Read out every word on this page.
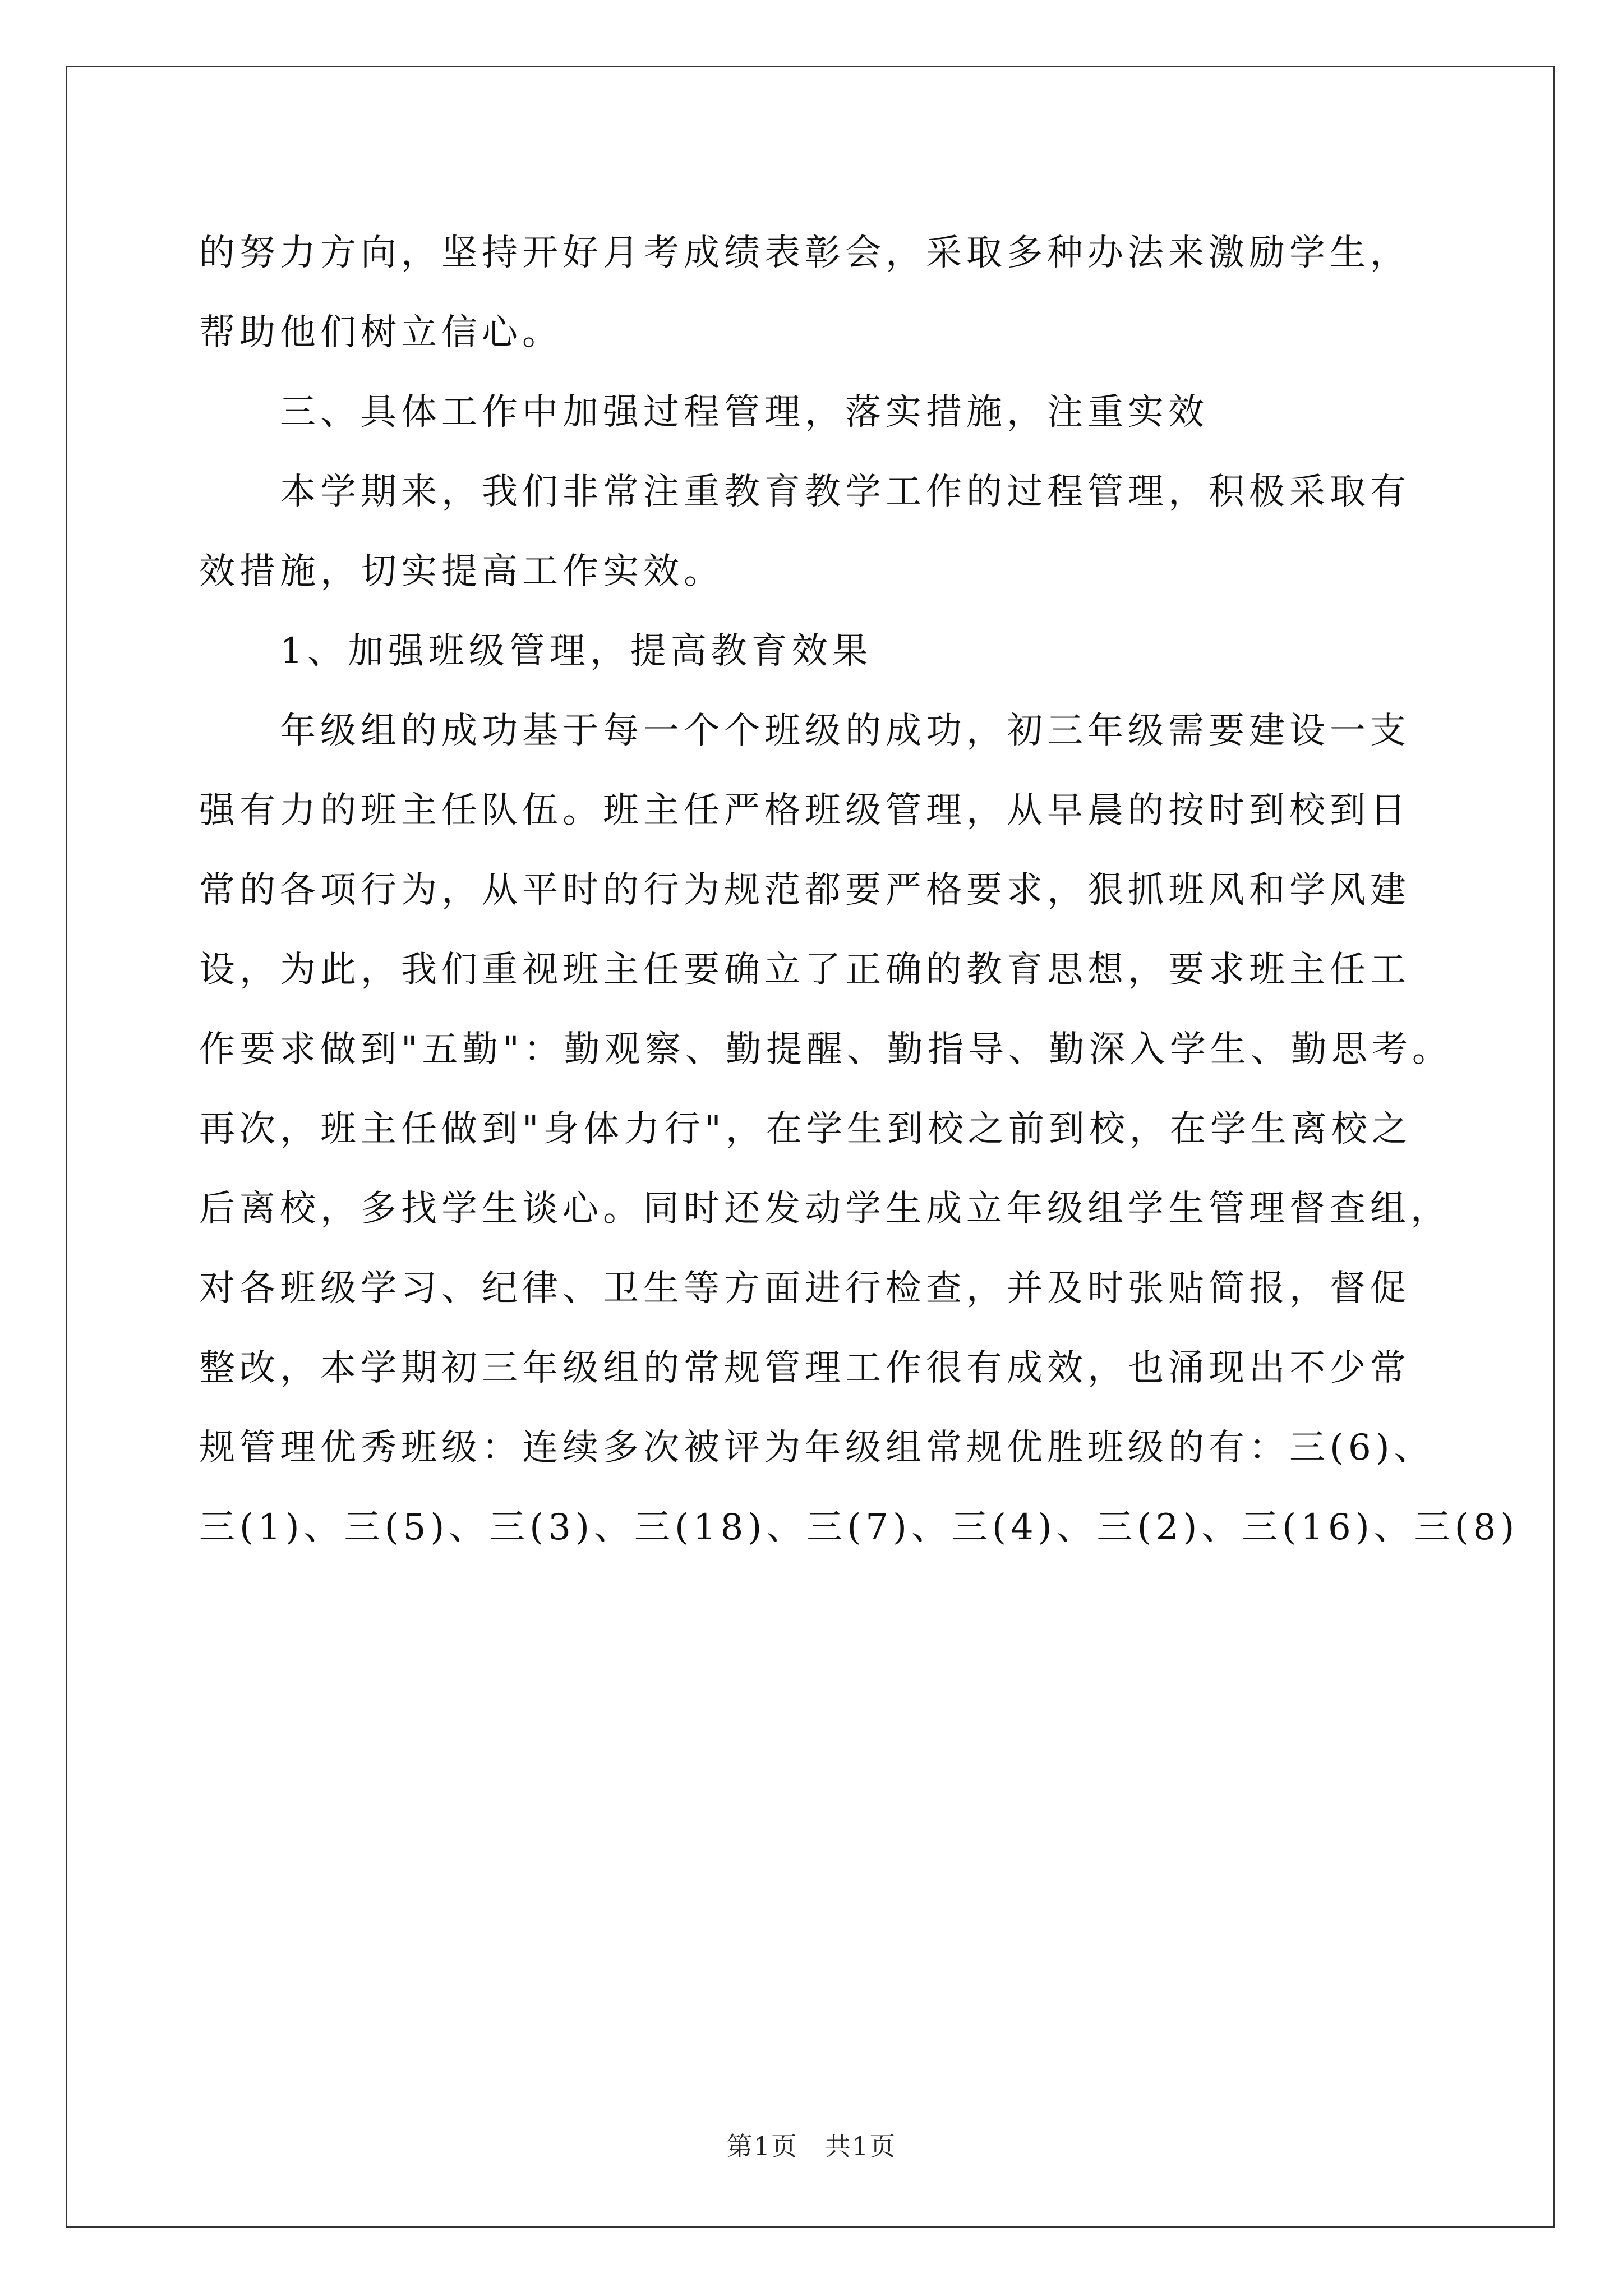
的努力方向，坚持开好月考成绩表彰会，采取多种办法来激励学生，
帮助他们树立信心。
　　三、具体工作中加强过程管理，落实措施，注重实效
　　本学期来，我们非常注重教育教学工作的过程管理，积极采取有
效措施，切实提高工作实效。
　　1、加强班级管理，提高教育效果
　　年级组的成功基于每一个个班级的成功，初三年级需要建设一支
强有力的班主任队伍。班主任严格班级管理，从早晨的按时到校到日
常的各项行为，从平时的行为规范都要严格要求，狠抓班风和学风建
设，为此，我们重视班主任要确立了正确的教育思想，要求班主任工
作要求做到"五勤"：勤观察、勤提醒、勤指导、勤深入学生、勤思考。
再次，班主任做到"身体力行"，在学生到校之前到校，在学生离校之
后离校，多找学生谈心。同时还发动学生成立年级组学生管理督查组，
对各班级学习、纪律、卫生等方面进行检查，并及时张贴简报，督促
整改，本学期初三年级组的常规管理工作很有成效，也涌现出不少常
规管理优秀班级：连续多次被评为年级组常规优胜班级的有：三(6)、
三(1)、三(5)、三(3)、三(18)、三(7)、三(4)、三(2)、三(16)、三(8)
第1页　共1页
